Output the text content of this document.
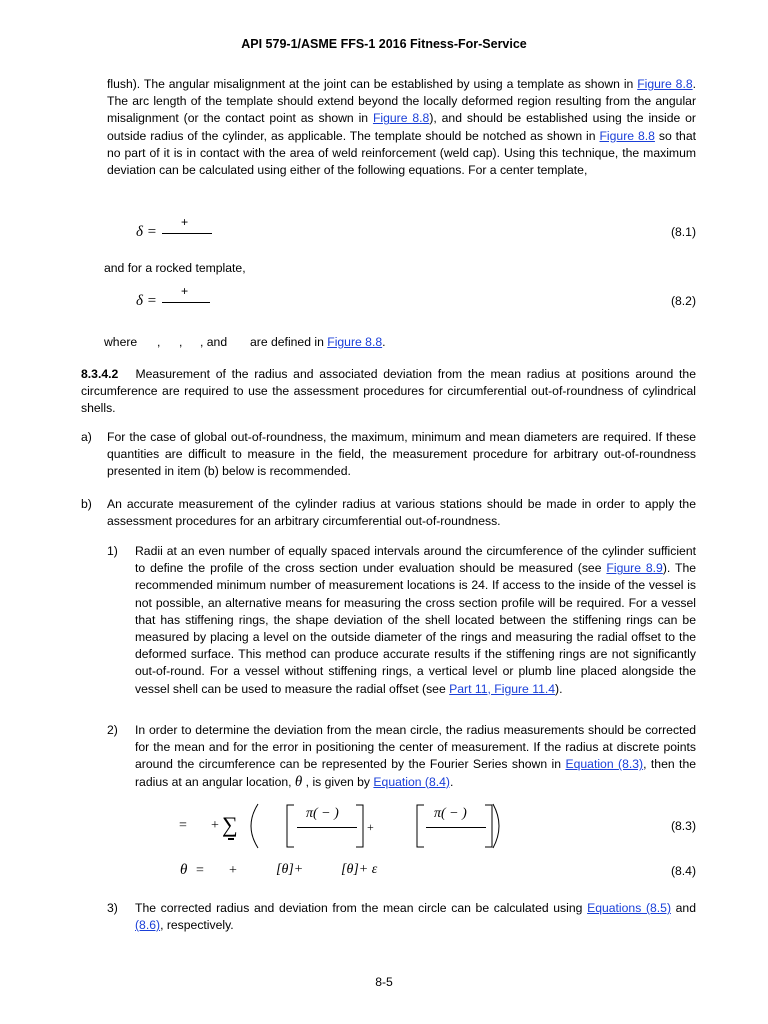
API 579-1/ASME FFS-1 2016 Fitness-For-Service
flush). The angular misalignment at the joint can be established by using a template as shown in Figure 8.8. The arc length of the template should extend beyond the locally deformed region resulting from the angular misalignment (or the contact point as shown in Figure 8.8), and should be established using the inside or outside radius of the cylinder, as applicable. The template should be notched as shown in Figure 8.8 so that no part of it is in contact with the area of weld reinforcement (weld cap). Using this technique, the maximum deviation can be calculated using either of the following equations. For a center template,
δ =
+
(8.1)
and for a rocked template,
δ =
+
(8.2)
where , , , and are defined in Figure 8.8.
8.3.4.2 Measurement of the radius and associated deviation from the mean radius at positions around the circumference are required to use the assessment procedures for circumferential out-of-roundness of cylindrical shells.
a)	For the case of global out-of-roundness, the maximum, minimum and mean diameters are required. If these quantities are difficult to measure in the field, the measurement procedure for arbitrary out-of-roundness presented in item (b) below is recommended.
b)	An accurate measurement of the cylinder radius at various stations should be made in order to apply the assessment procedures for an arbitrary circumferential out-of-roundness.
1)	Radii at an even number of equally spaced intervals around the circumference of the cylinder sufficient to define the profile of the cross section under evaluation should be measured (see Figure 8.9). The recommended minimum number of measurement locations is 24. If access to the inside of the vessel is not possible, an alternative means for measuring the cross section profile will be required. For a vessel that has stiffening rings, the shape deviation of the shell located between the stiffening rings can be measured by placing a level on the outside diameter of the rings and measuring the radial offset to the deformed surface. This method can produce accurate results if the stiffening rings are not significantly out-of-round. For a vessel without stiffening rings, a vertical level or plumb line placed alongside the vessel shell can be used to measure the radial offset (see Part 11, Figure 11.4).
2)	In order to determine the deviation from the mean circle, the radius measurements should be corrected for the mean and for the error in positioning the center of measurement. If the radius at discrete points around the circumference can be represented by the Fourier Series shown in Equation (8.3), then the radius at an angular location, θ , is given by Equation (8.4).
= + ∑	π( − )
+
π( − )
(8.3)
θ = +	[θ]+	[θ]+ ε	(8.4)
3)	The corrected radius and deviation from the mean circle can be calculated using Equations (8.5) and (8.6), respectively.
8-5
